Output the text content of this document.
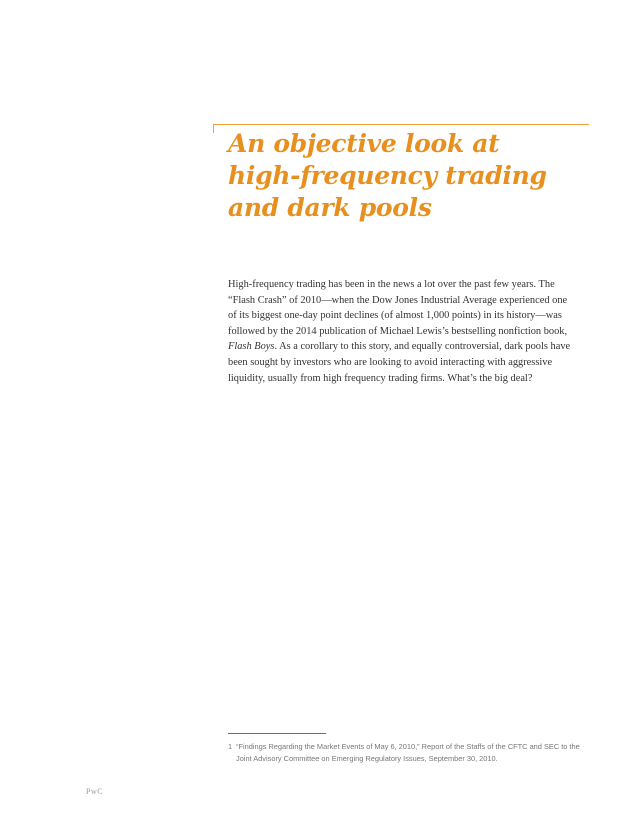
An objective look at
high-frequency trading
and dark pools

High-frequency trading has been in the news a lot over the past few years. The
“Flash Crash” of 2010—when the Dow Jones Industrial Average experienced one
of its biggest one-day point declines (of almost 1,000 points) in its history—was
followed by the 2014 publication of Michael Lewis’s bestselling nonfiction book,
Flash Boys. As a corollary to this story, and equally controversial, dark pools have
been sought by investors who are looking to avoid interacting with aggressive
liquidity, usually from high frequency trading firms. What’s the big deal?

1 “Findings Regarding the Market Events of May 6, 2010,” Report of the Staffs of the CFTC and SEC to the
Joint Advisory Committee on Emerging Regulatory Issues, September 30, 2010.
PwC
